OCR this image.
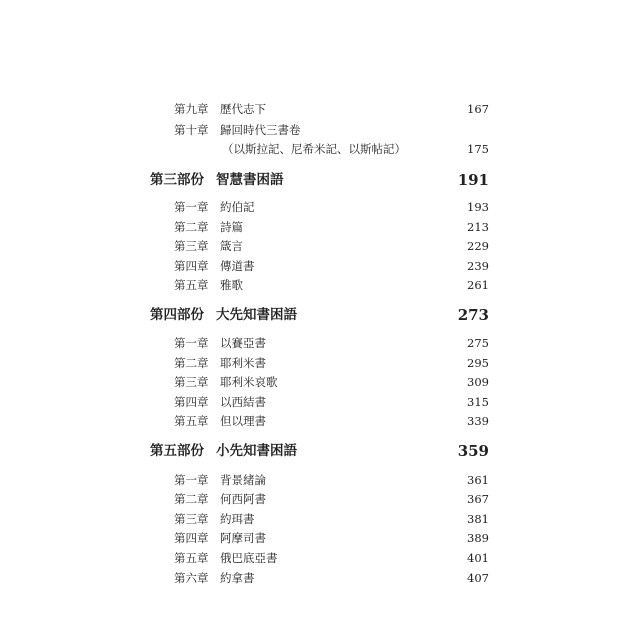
第九章 歷代志下	167
第十章 歸回時代三書卷
（以斯拉記、尼希米記、以斯帖記）	175
第三部份 智慧書困語	191
第一章 約伯記	193
第二章 詩篇	213
第三章 箴言	229
第四章 傳道書	239
第五章 雅歌	261
第四部份 大先知書困語	273
第一章 以賽亞書	275
第二章 耶利米書	295
第三章 耶利米哀歌	309
第四章 以西結書	315
第五章 但以理書	339
第五部份 小先知書困語	359
第一章 背景緒論	361
第二章 何西阿書	367
第三章 約珥書	381
第四章 阿摩司書	389
第五章 俄巴底亞書	401
第六章 約拿書	407
